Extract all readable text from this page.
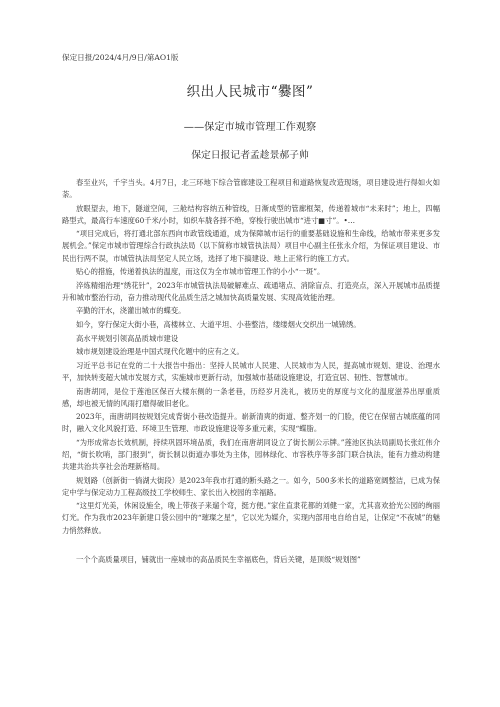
保定日报/2024/4月/9日/第AO1版
织出人民城市“爨图”
——保定市城市管理工作观察
保定日报记者孟趁景郝子帅

春至业兴，千宇当头。4月7日，北三环地下综合管廊建设工程项目和道路恢复改造现场，项目建设进行得如火如荼。

放眼望去，地下，隧道空间，三舱结构容纳五种管线，日渐成型的管廊框架，传递着城市“未来时”；地上，四幅路型式，最高行车速度60千米/小时，如织车胧各择不绝，穿梭行驶出城市“进寸■寸”。•…

“项目完成后，将打通北部东西向市政管线通道，成为保障城市运行的重要基础设施和生命线，给城市带来更多发展机会。”保定市城市管理综合行政执法局（以下简称市城管执法局）项目中心副主任张永介绍，为保证项目建设、市民出行两不误，市城管执法局坚定人民立场，选择了地下搞建设、地上正常行的施工方式。

贴心的措施，传递着执法的温度，而这仅为全市城市管理工作的小小“一斑”。

淬炼精细治理“绣花针”，2023年市城管执法局破解难点、疏通堵点、消除盲点、打造亮点，深入开展城市品质提升和城市整治行动，奋力推动现代化品质生活之城加快高质量发展、实现高效能治理。

辛勤的汗水，浇灌出城市的蝶变。

如今，穿行保定大街小巷，高楼林立、大道平坦、小巷整洁，缕缕烟火交织出一城锦绣。

高水平规划引领高品质城市建设

城市规划建设治理是中国式现代化题中的应有之义。

习近平总书记在党的二十大报告中指出：坚持人民城市人民建、人民城市为人民，提高城市规划、建设、治理水平，加快转变超大城市发展方式，实施城市更新行动，加强城市基础设施建设，打造宜居、韧性、智慧城市。

南唐胡同，是位于莲池区保百大楼东侧的一条老巷，历经岁月洗礼，被历史的厚度与文化的温度滋养出厚重质感，却也被无情的风雨打磨得破旧老化。

2023年，南唐胡同按规划完成背街小巷改造提升。崭新清爽的街道、整齐划一的门脸，使它在保留古城底蕴的同时，融入文化风貌打造、环境卫生管理、市政设施建设等多重元素，实现“蝶脂。

“为形成常态长效机制，持续巩固环境品质，我们在南唐胡同设立了街长制公示牌。”莲池区执法局副局长张红伟介绍，“街长吹哨，部门报到”，街长制以街道办事处为主体，园林绿化、市容秩序等多部门联合执法，能有力推动构建共建共治共享社会治理新格局。

规划路（创新街一徜湖大街段）是2023年我市打通的断头路之一。如今，500多米长的道路宽阔整洁，已成为保定中学与保定动力工程高级技工学校师生、家长出入校园的幸福路。

“这里灯光美，休闲设施全，晚上带孩子来遛个弯，挺方便。”家住直隶花都的刘健一家，尤其喜欢拾光公园的绚丽灯光。作为我市2023年新建口袋公园中的“璀璨之星”，它以光为媒介，实现内部用电自给自足，让保定“不夜城”的魅力悄然释放。

一个个高质量项目，铺就出一座城市的高品质民生幸福底色，背后关键，是顶级“规划图”
